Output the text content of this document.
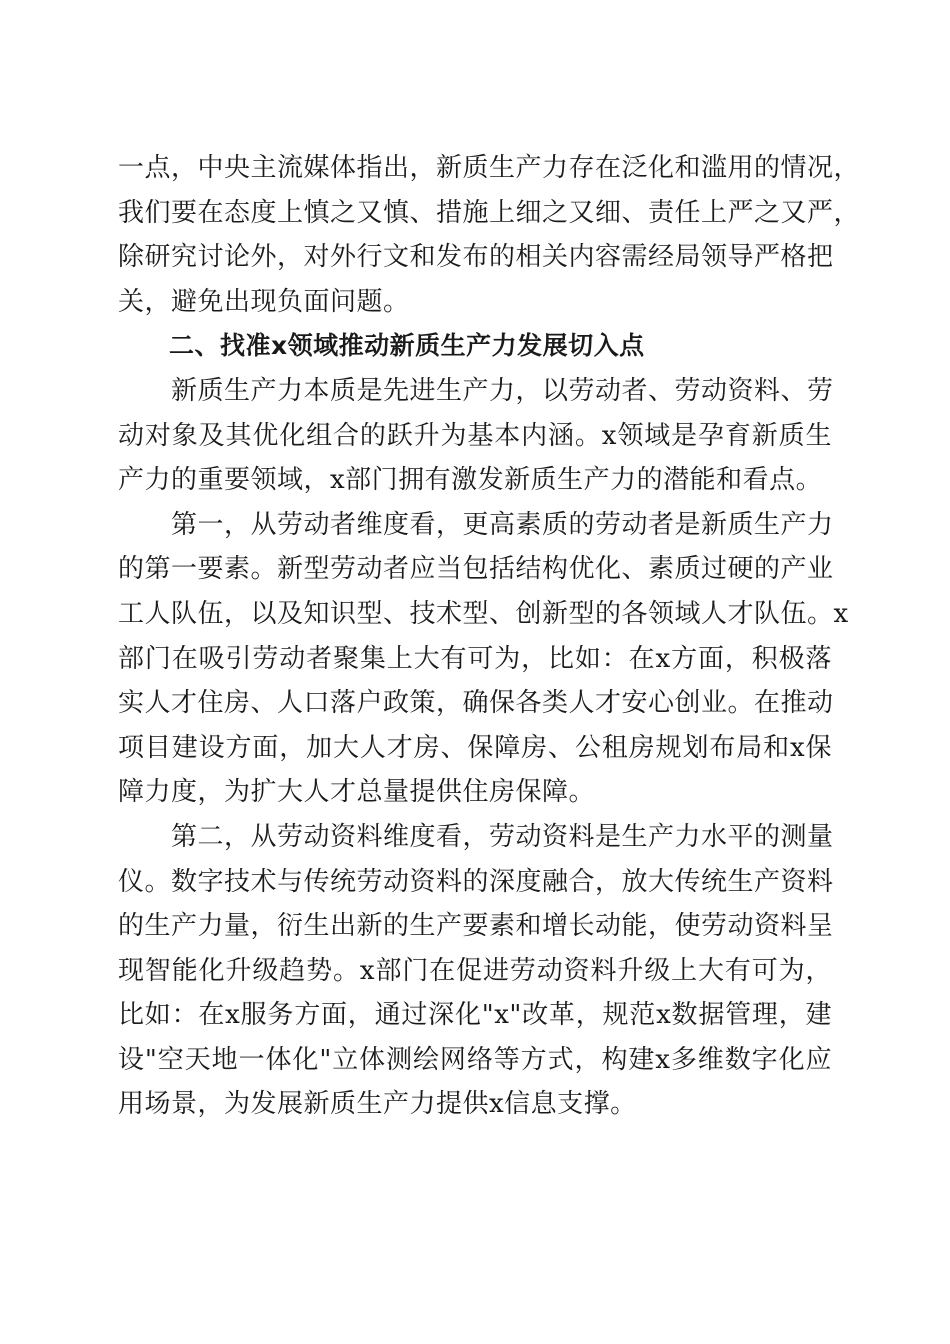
一点，中央主流媒体指出，新质生产力存在泛化和滥用的情况，
我们要在态度上慎之又慎、措施上细之又细、责任上严之又严，
除研究讨论外，对外行文和发布的相关内容需经局领导严格把
关，避免出现负面问题。
　　二、找准x领域推动新质生产力发展切入点
　　新质生产力本质是先进生产力，以劳动者、劳动资料、劳
动对象及其优化组合的跃升为基本内涵。x领域是孕育新质生
产力的重要领域，x部门拥有激发新质生产力的潜能和看点。
　　第一，从劳动者维度看，更高素质的劳动者是新质生产力
的第一要素。新型劳动者应当包括结构优化、素质过硬的产业
工人队伍，以及知识型、技术型、创新型的各领域人才队伍。x
部门在吸引劳动者聚集上大有可为，比如：在x方面，积极落
实人才住房、人口落户政策，确保各类人才安心创业。在推动
项目建设方面，加大人才房、保障房、公租房规划布局和x保
障力度，为扩大人才总量提供住房保障。
　　第二，从劳动资料维度看，劳动资料是生产力水平的测量
仪。数字技术与传统劳动资料的深度融合，放大传统生产资料
的生产力量，衍生出新的生产要素和增长动能，使劳动资料呈
现智能化升级趋势。x部门在促进劳动资料升级上大有可为，
比如：在x服务方面，通过深化"x"改革，规范x数据管理，建
设"空天地一体化"立体测绘网络等方式，构建x多维数字化应
用场景，为发展新质生产力提供x信息支撑。
